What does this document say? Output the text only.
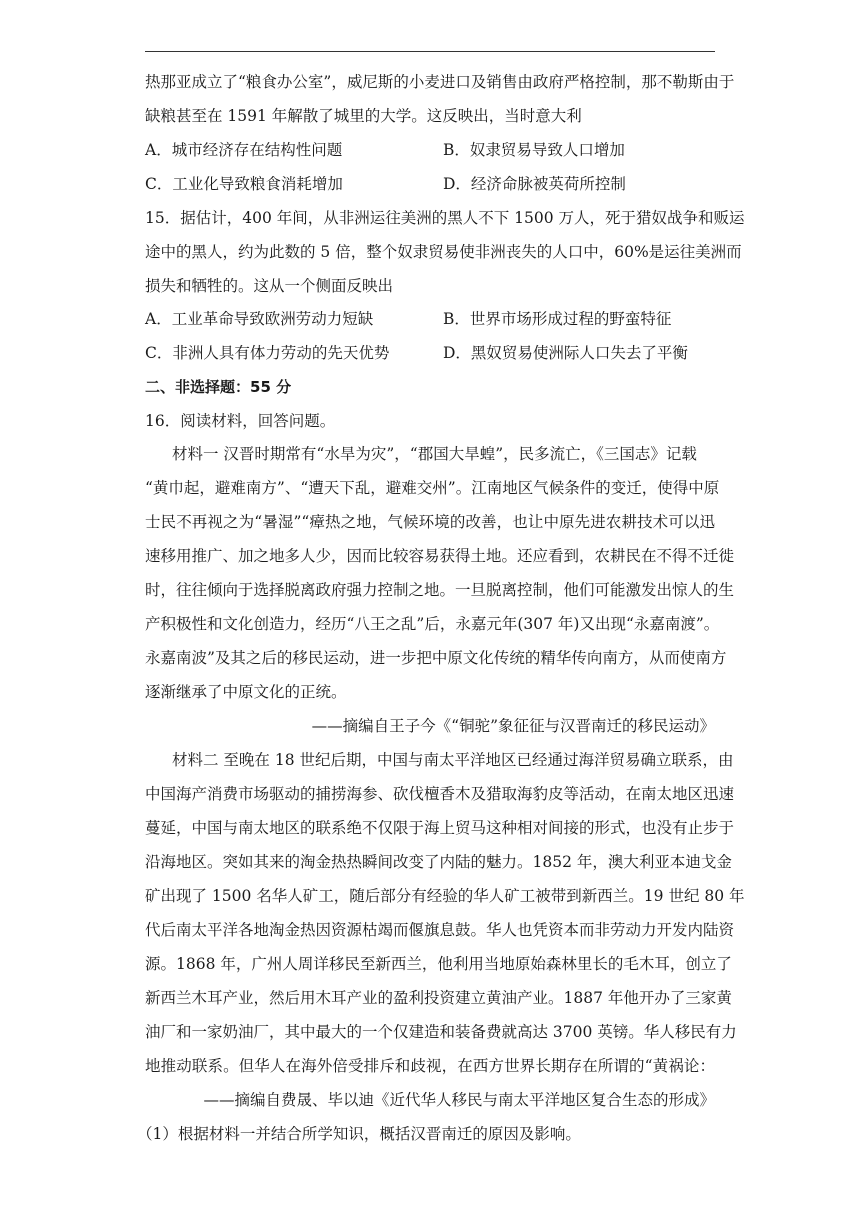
热那亚成立了“粮食办公室”，威尼斯的小麦进口及销售由政府严格控制，那不勒斯由于
缺粮甚至在 1591 年解散了城里的大学。这反映出，当时意大利
A．城市经济存在结构性问题	B．奴隶贸易导致人口增加
C．工业化导致粮食消耗增加	D．经济命脉被英荷所控制
15．据估计，400 年间，从非洲运往美洲的黑人不下 1500 万人，死于猎奴战争和贩运
途中的黑人，约为此数的 5 倍，整个奴隶贸易使非洲丧失的人口中，60%是运往美洲而
损失和牺牲的。这从一个侧面反映出
A．工业革命导致欧洲劳动力短缺	B．世界市场形成过程的野蛮特征
C．非洲人具有体力劳动的先天优势	D．黑奴贸易使洲际人口失去了平衡
二、非选择题：55 分
16．阅读材料，回答问题。
材料一 汉晋时期常有“水旱为灾”，“郡国大旱蝗”，民多流亡，《三国志》记载
“黄巾起，避难南方”、“遭天下乱，避难交州”。江南地区气候条件的变迁，使得中原
士民不再视之为“暑湿”“瘴热之地，气候环境的改善，也让中原先进农耕技术可以迅
速移用推广、加之地多人少，因而比较容易获得土地。还应看到，农耕民在不得不迁徙
时，往往倾向于选择脱离政府强力控制之地。一旦脱离控制，他们可能激发出惊人的生
产积极性和文化创造力，经历“八王之乱”后，永嘉元年(307 年)又出现“永嘉南渡”。
永嘉南波”及其之后的移民运动，进一步把中原文化传统的精华传向南方，从而使南方
逐渐继承了中原文化的正统。
——摘编自王子今《“铜驼”象征征与汉晋南迁的移民运动》
材料二 至晚在 18 世纪后期，中国与南太平洋地区已经通过海洋贸易确立联系，由
中国海产消费市场驱动的捕捞海参、砍伐檀香木及猎取海豹皮等活动，在南太地区迅速
蔓延，中国与南太地区的联系绝不仅限于海上贸马这种相对间接的形式，也没有止步于
沿海地区。突如其来的淘金热热瞬间改变了内陆的魅力。1852 年，澳大利亚本迪戈金
矿出现了 1500 名华人矿工，随后部分有经验的华人矿工被带到新西兰。19 世纪 80 年
代后南太平洋各地淘金热因资源枯竭而偃旗息鼓。华人也凭资本而非劳动力开发内陆资
源。1868 年，广州人周详移民至新西兰，他利用当地原始森林里长的毛木耳，创立了
新西兰木耳产业，然后用木耳产业的盈利投资建立黄油产业。1887 年他开办了三家黄
油厂和一家奶油厂，其中最大的一个仅建造和装备费就高达 3700 英镑。华人移民有力
地推动联系。但华人在海外倍受排斥和歧视，在西方世界长期存在所谓的“黄祸论：
——摘编自费晟、毕以迪《近代华人移民与南太平洋地区复合生态的形成》
（1）根据材料一并结合所学知识，概括汉晋南迁的原因及影响。
